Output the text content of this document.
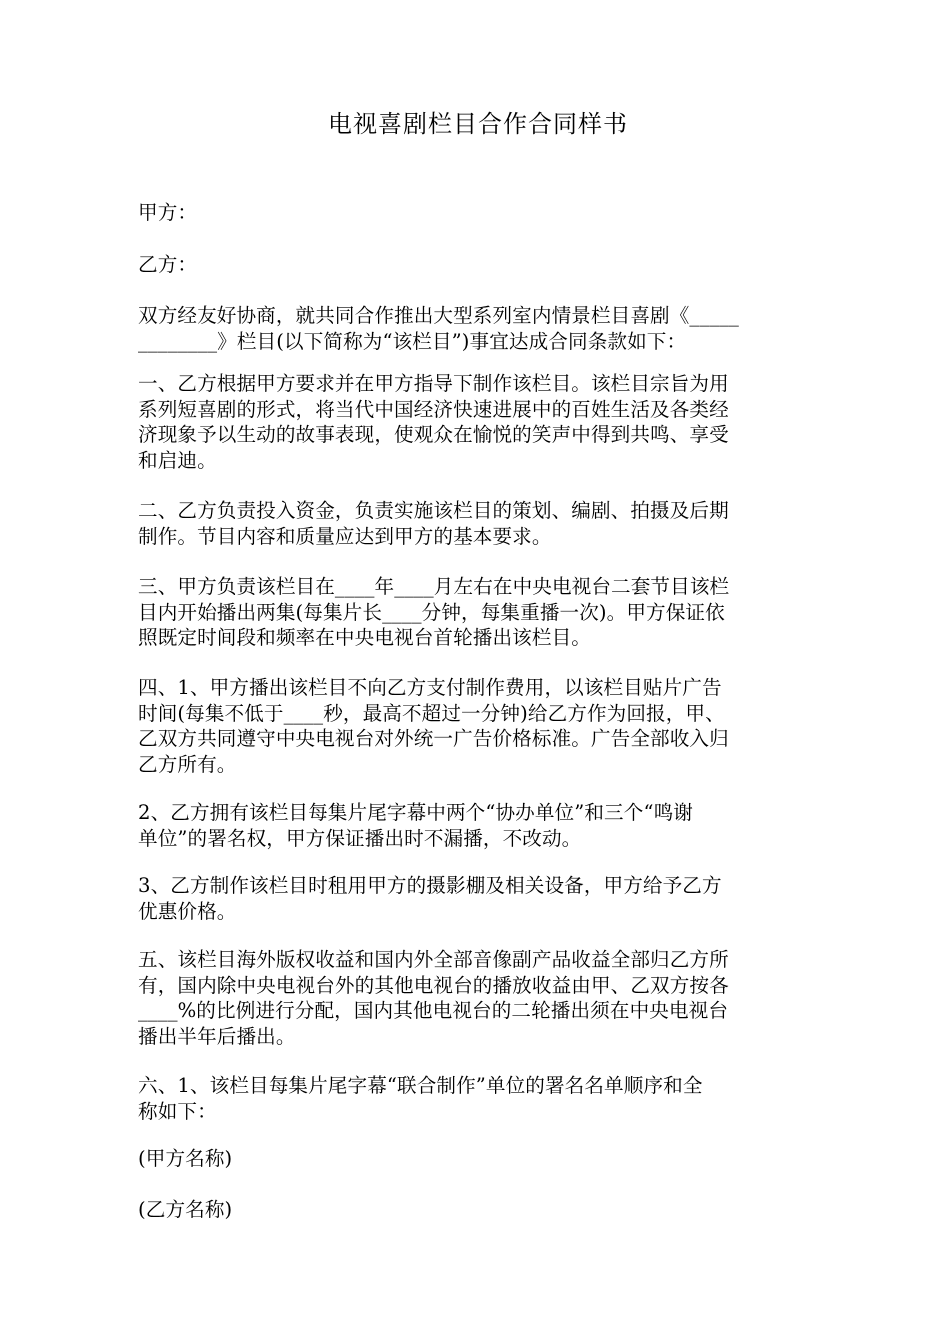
电视喜剧栏目合作合同样书
甲方：
乙方：
双方经友好协商，就共同合作推出大型系列室内情景栏目喜剧《_____
________》栏目(以下简称为“该栏目”)事宜达成合同条款如下：
一、乙方根据甲方要求并在甲方指导下制作该栏目。该栏目宗旨为用
系列短喜剧的形式，将当代中国经济快速进展中的百姓生活及各类经
济现象予以生动的故事表现，使观众在愉悦的笑声中得到共鸣、享受
和启迪。
二、乙方负责投入资金，负责实施该栏目的策划、编剧、拍摄及后期
制作。节目内容和质量应达到甲方的基本要求。
三、甲方负责该栏目在____年____月左右在中央电视台二套节目该栏
目内开始播出两集(每集片长____分钟，每集重播一次)。甲方保证依
照既定时间段和频率在中央电视台首轮播出该栏目。
四、1、甲方播出该栏目不向乙方支付制作费用，以该栏目贴片广告
时间(每集不低于____秒，最高不超过一分钟)给乙方作为回报，甲、
乙双方共同遵守中央电视台对外统一广告价格标准。广告全部收入归
乙方所有。
2、乙方拥有该栏目每集片尾字幕中两个“协办单位”和三个“鸣谢
单位”的署名权，甲方保证播出时不漏播，不改动。
3、乙方制作该栏目时租用甲方的摄影棚及相关设备，甲方给予乙方
优惠价格。
五、该栏目海外版权收益和国内外全部音像副产品收益全部归乙方所
有，国内除中央电视台外的其他电视台的播放收益由甲、乙双方按各
____%的比例进行分配，国内其他电视台的二轮播出须在中央电视台
播出半年后播出。
六、1、该栏目每集片尾字幕“联合制作”单位的署名名单顺序和全
称如下：
(甲方名称)
(乙方名称)
